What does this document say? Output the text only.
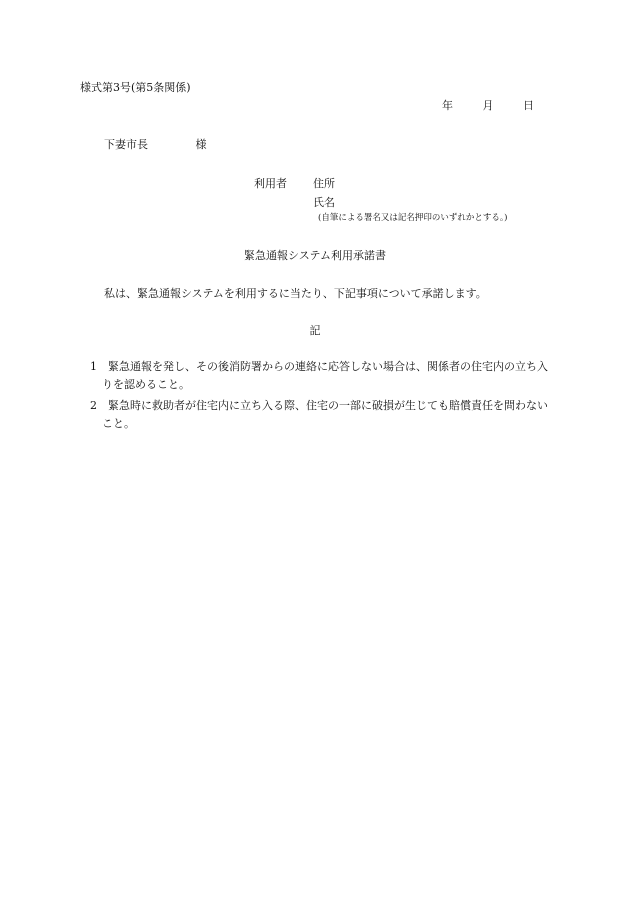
様式第3号(第5条関係)
年	月	日
下妻市長	様
利用者 住所
氏名
(自筆による署名又は記名押印のいずれかとする。)
緊急通報システム利用承諾書
私は、緊急通報システムを利用するに当たり、下記事項について承諾します。
記
1	緊急通報を発し、その後消防署からの連絡に応答しない場合は、関係者の住宅内の立ち入りを認めること。
2	緊急時に救助者が住宅内に立ち入る際、住宅の一部に破損が生じても賠償責任を問わないこと。
